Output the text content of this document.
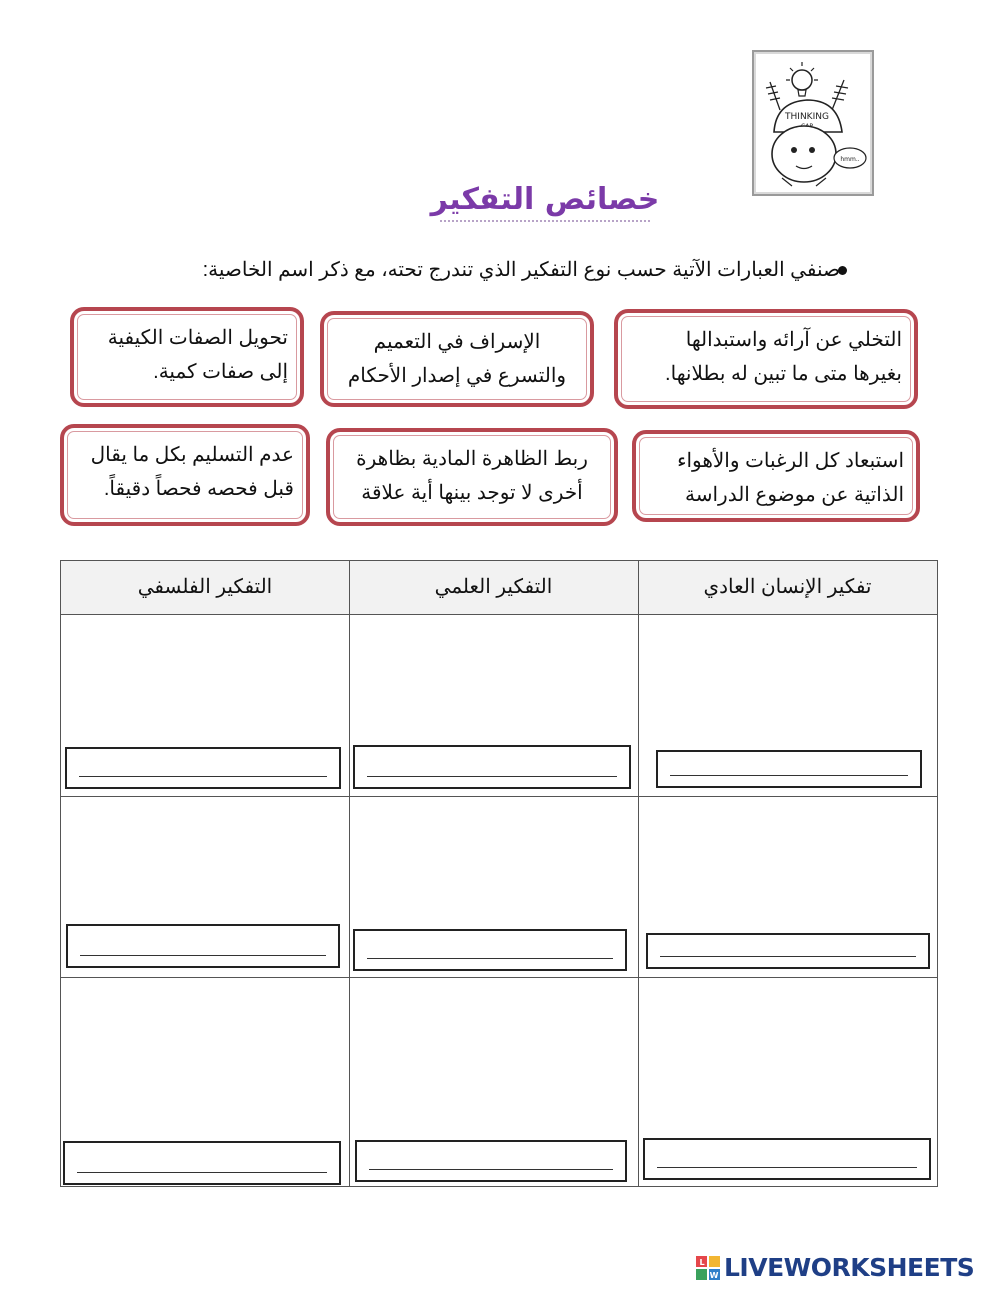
THINKING
hmm..
خصائص التفكير
صنفي العبارات الآتية حسب نوع التفكير الذي تندرج تحته، مع ذكر اسم الخاصية:
التخلي عن آرائه واستبدالها
بغيرها متى ما تبين له بطلانها.
الإسراف في التعميم
والتسرع في إصدار الأحكام
تحويل الصفات الكيفية
إلى صفات كمية.
استبعاد كل الرغبات والأهواء
الذاتية عن موضوع الدراسة
ربط الظاهرة المادية بظاهرة
أخرى لا توجد بينها أية علاقة
عدم التسليم بكل ما يقال
قبل فحصه فحصاً دقيقاً.
تفكير الإنسان العادي
التفكير العلمي
التفكير الفلسفي
L
W LIVEWORKSHEETS
